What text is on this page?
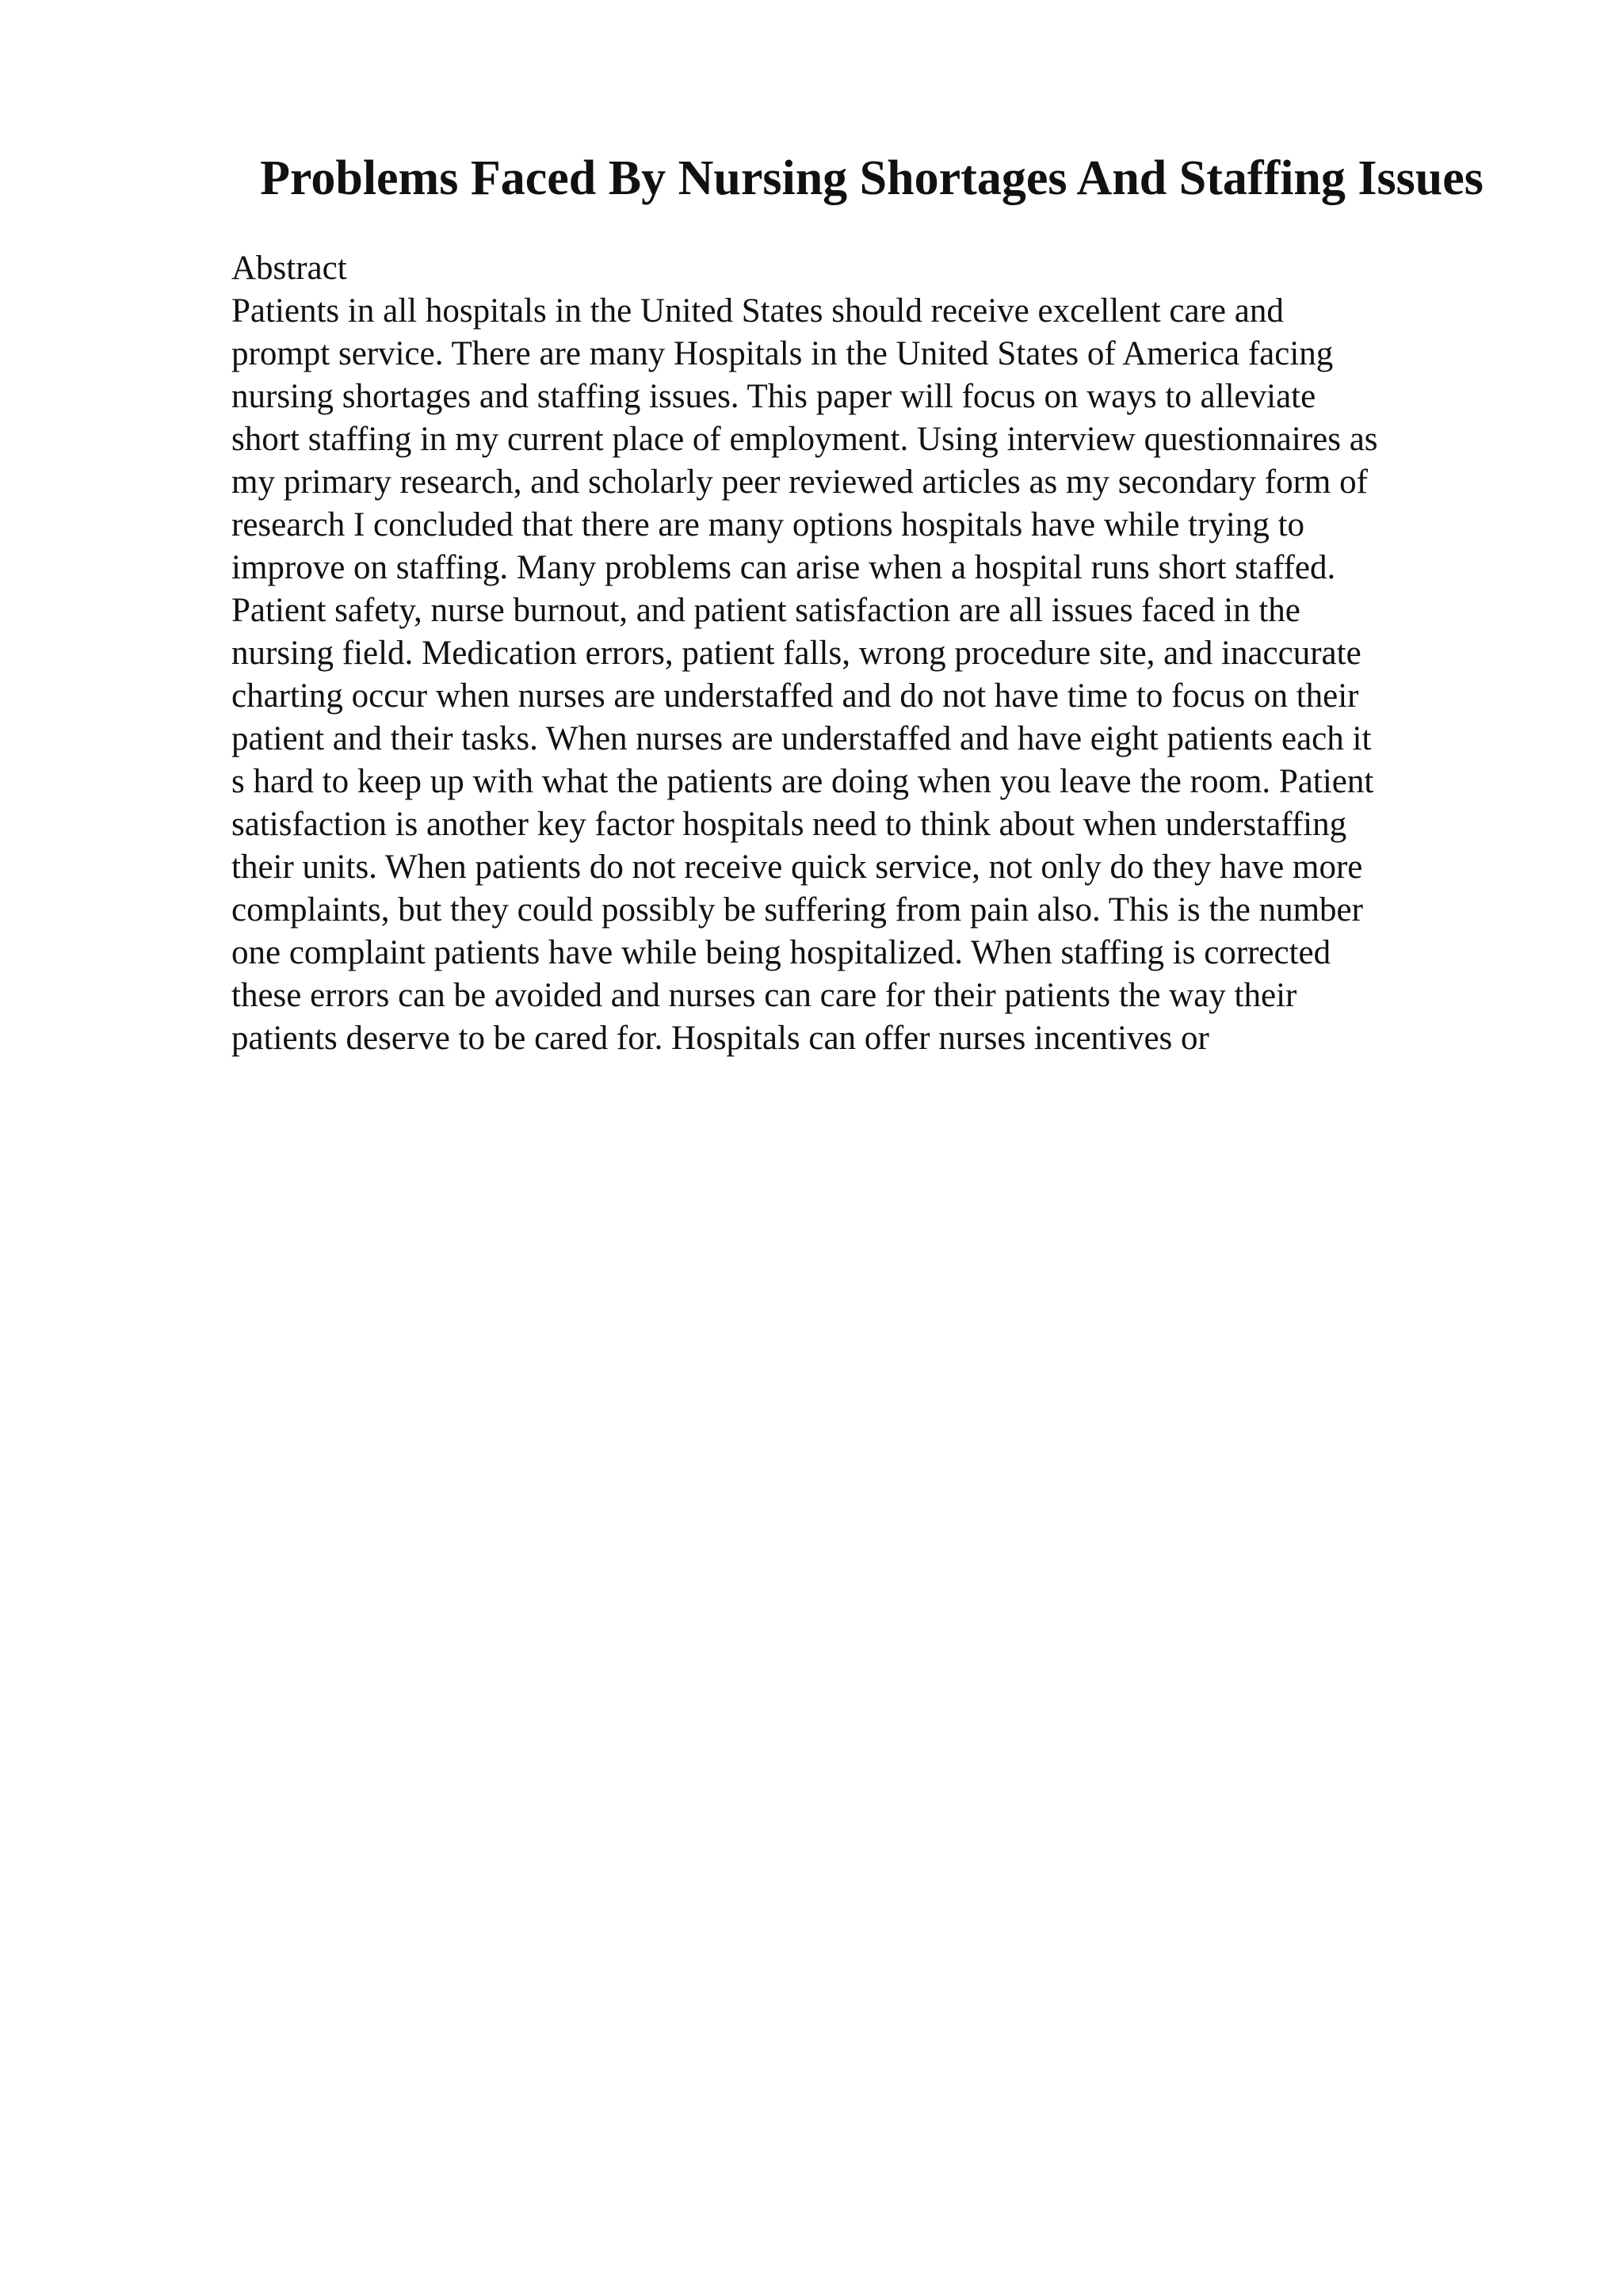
Problems Faced By Nursing Shortages And Staffing Issues
Abstract
Patients in all hospitals in the United States should receive excellent care and
prompt service. There are many Hospitals in the United States of America facing
nursing shortages and staffing issues. This paper will focus on ways to alleviate
short staffing in my current place of employment. Using interview questionnaires as
my primary research, and scholarly peer reviewed articles as my secondary form of
research I concluded that there are many options hospitals have while trying to
improve on staffing. Many problems can arise when a hospital runs short staffed.
Patient safety, nurse burnout, and patient satisfaction are all issues faced in the
nursing field. Medication errors, patient falls, wrong procedure site, and inaccurate
charting occur when nurses are understaffed and do not have time to focus on their
patient and their tasks. When nurses are understaffed and have eight patients each it
s hard to keep up with what the patients are doing when you leave the room. Patient
satisfaction is another key factor hospitals need to think about when understaffing
their units. When patients do not receive quick service, not only do they have more
complaints, but they could possibly be suffering from pain also. This is the number
one complaint patients have while being hospitalized. When staffing is corrected
these errors can be avoided and nurses can care for their patients the way their
patients deserve to be cared for. Hospitals can offer nurses incentives or
